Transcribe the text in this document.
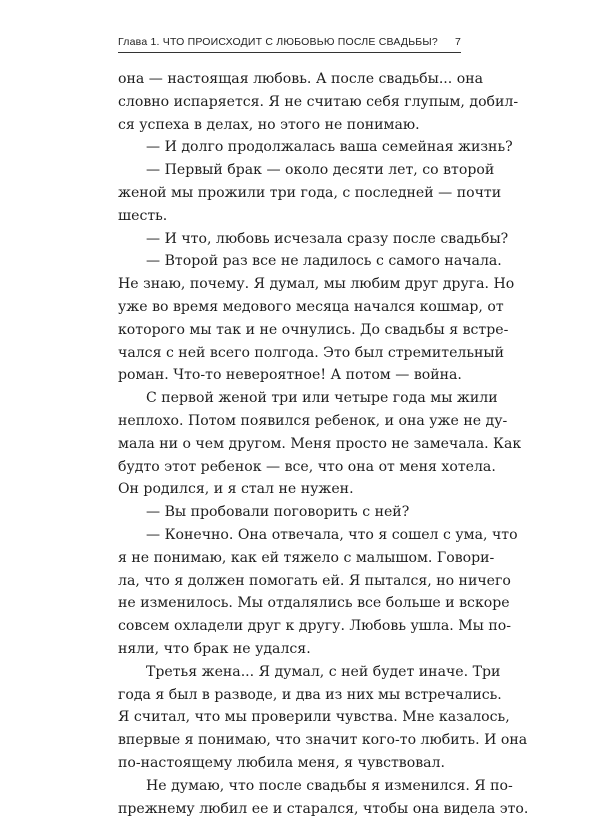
Глава 1. ЧТО ПРОИСХОДИТ С ЛЮБОВЬЮ ПОСЛЕ СВАДЬБЫ? 7
она — настоящая любовь. А после свадьбы... она
словно испаряется. Я не считаю себя глупым, добил-
ся успеха в делах, но этого не понимаю.
— И долго продолжалась ваша семейная жизнь?
— Первый брак — около десяти лет, со второй
женой мы прожили три года, с последней — почти
шесть.
— И что, любовь исчезала сразу после свадьбы?
— Второй раз все не ладилось с самого начала.
Не знаю, почему. Я думал, мы любим друг друга. Но
уже во время медового месяца начался кошмар, от
которого мы так и не очнулись. До свадьбы я встре-
чался с ней всего полгода. Это был стремительный
роман. Что-то невероятное! А потом — война.
С первой женой три или четыре года мы жили
неплохо. Потом появился ребенок, и она уже не ду-
мала ни о чем другом. Меня просто не замечала. Как
будто этот ребенок — все, что она от меня хотела.
Он родился, и я стал не нужен.
— Вы пробовали поговорить с ней?
— Конечно. Она отвечала, что я сошел с ума, что
я не понимаю, как ей тяжело с малышом. Говори-
ла, что я должен помогать ей. Я пытался, но ничего
не изменилось. Мы отдалялись все больше и вскоре
совсем охладели друг к другу. Любовь ушла. Мы по-
няли, что брак не удался.
Третья жена... Я думал, с ней будет иначе. Три
года я был в разводе, и два из них мы встречались.
Я считал, что мы проверили чувства. Мне казалось,
впервые я понимаю, что значит кого-то любить. И она
по-настоящему любила меня, я чувствовал.
Не думаю, что после свадьбы я изменился. Я по-
прежнему любил ее и старался, чтобы она видела это.
